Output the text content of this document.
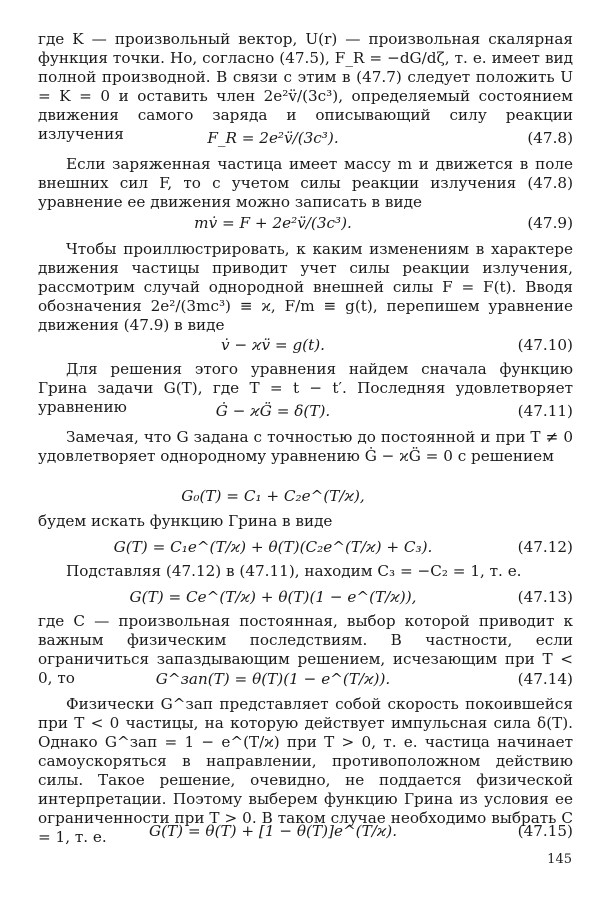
где K — произвольный вектор, U(r) — произвольная скалярная функция точки. Но, согласно (47.5), F_R = −dG/dζ, т. е. имеет вид полной производной. В связи с этим в (47.7) следует положить U = K = 0 и оставить член 2e²v̈/(3c³), определяемый состоянием движения самого заряда и описывающий силу реакции излучения	F_R = 2e²v̈/(3c³).	(47.8)

Если заряженная частица имеет массу m и движется в поле внешних сил F, то с учетом силы реакции излучения (47.8) уравнение ее движения можно записать в виде

mv̇ = F + 2e²v̈/(3c³).	(47.9)

Чтобы проиллюстрировать, к каким изменениям в характере движения частицы приводит учет силы реакции излучения, рассмотрим случай однородной внешней силы F = F(t). Вводя обозначения 2e²/(3mc³) ≡ ϰ, F/m ≡ g(t), перепишем уравнение движения (47.9) в виде

v̇ − ϰv̈ = g(t).	(47.10)

Для решения этого уравнения найдем сначала функцию Грина задачи G(T), где T = t − t′. Последняя удовлетворяет уравнению	Ġ − ϰG̈ = δ(T).	(47.11)

Замечая, что G задана с точностью до постоянной и при T ≠ 0 удовлетворяет однородному уравнению Ġ − ϰG̈ = 0 с решением

G₀(T) = C₁ + C₂e^(T/ϰ),

будем искать функцию Грина в виде

G(T) = C₁e^(T/ϰ) + θ(T)(C₂e^(T/ϰ) + C₃).	(47.12)

Подставляя (47.12) в (47.11), находим C₃ = −C₂ = 1, т. е.

G(T) = Ce^(T/ϰ) + θ(T)(1 − e^(T/ϰ)),	(47.13)

где C — произвольная постоянная, выбор которой приводит к важным физическим последствиям. В частности, если ограничиться запаздывающим решением, исчезающим при T < 0, то	G^зап(T) = θ(T)(1 − e^(T/ϰ)).	(47.14)

Физически G^зап представляет собой скорость покоившейся при T < 0 частицы, на которую действует импульсная сила δ(T). Однако G^зап = 1 − e^(T/ϰ) при T > 0, т. е. частица начинает самоускоряться в направлении, противоположном действию силы. Такое решение, очевидно, не поддается физической интерпретации. Поэтому выберем функцию Грина из условия ее ограниченности при T > 0. В таком случае необходимо выбрать C = 1, т. е.	G(T) = θ(T) + [1 − θ(T)]e^(T/ϰ).	(47.15)
145
